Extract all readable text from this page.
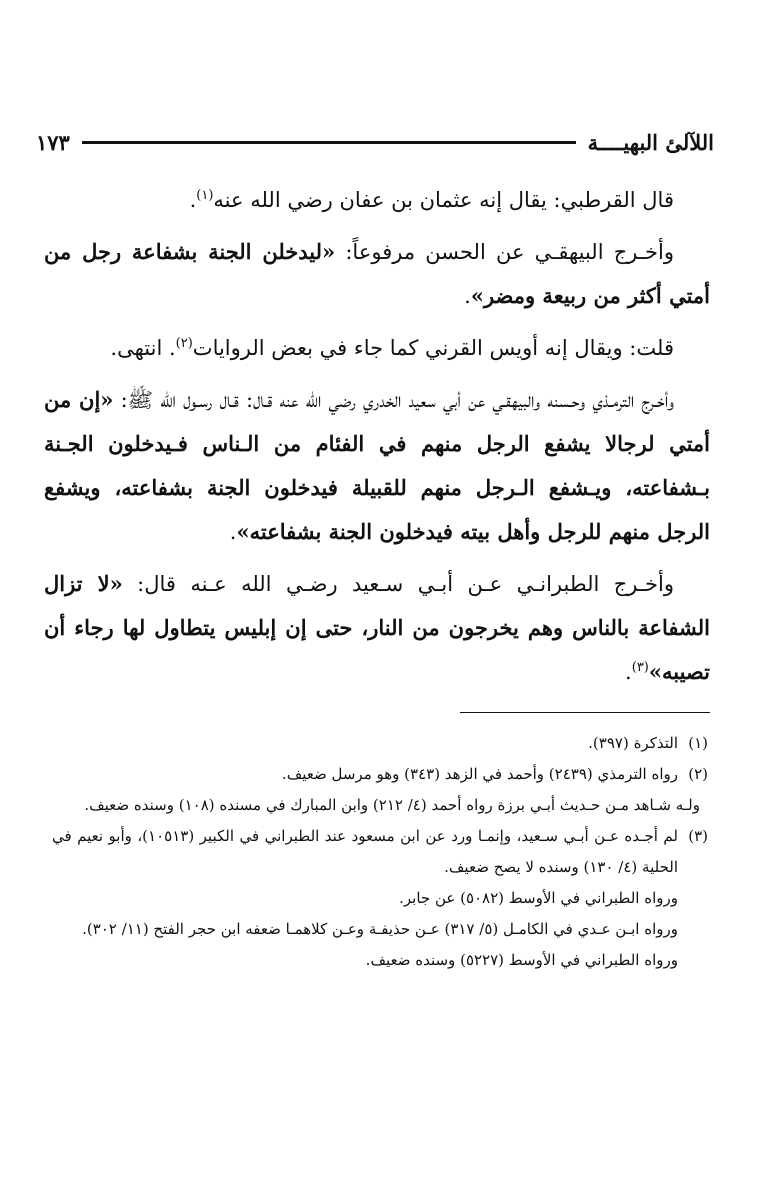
اللآلئ البهيــــة
١٧٣

قال القرطبي: يقال إنه عثمان بن عفان رضي الله عنه$^{(١)}$.

وأخـرج البيهقـي عن الحسن مرفوعاً: «ليدخلن الجنة بشفاعة رجل من أمتي أكثر من ربيعة ومضر».

قلت: ويقال إنه أويس القرني كما جاء في بعض الروايات$^{(٢)}$. انتهى.

وأخـرج الترمـذي وحـسنه والبيهقـي عن أبي سعيد الخدري رضي الله عنه قـال: قـال رسـول الله ﷺ: «إن من أمتي لرجالا يشفع الرجل منهم في الفئام من الـناس فـيدخلون الجـنة بـشفاعته، ويـشفع الـرجل منهم للقبيلة فيدخلون الجنة بشفاعته، ويشفع الرجل منهم للرجل وأهل بيته فيدخلون الجنة بشفاعته».

وأخـرج الطبرانـي عـن أبـي سـعيد رضـي الله عـنه قال: «لا تزال الشفاعة بالناس وهم يخرجون من النار، حتى إن إبليس يتطاول لها رجاء أن تصيبه»$^{(٣)}$.

(١)
التذكرة (٣٩٧).
(٢)
رواه الترمذي (٢٤٣٩) وأحمد في الزهد (٣٤٣) وهو مرسل ضعيف.
ولـه شـاهد مـن حـديث أبـي برزة رواه أحمد (٤/ ٢١٢) وابن المبارك في مسنده (١٠٨) وسنده ضعيف.
(٣)
لم أجـده عـن أبـي سـعيد، وإنمـا ورد عن ابن مسعود عند الطبراني في الكبير (١٠٥١٣)، وأبو نعيم في الحلية (٤/ ١٣٠) وسنده لا يصح ضعيف.
ورواه الطبراني في الأوسط (٥٠٨٢) عن جابر.
ورواه ابـن عـدي في الكامـل (٥/ ٣١٧) عـن حذيفـة وعـن كلاهمـا ضعفه ابن حجر الفتح (١١/ ٣٠٢).
ورواه الطبراني في الأوسط (٥٢٢٧) وسنده ضعيف.
